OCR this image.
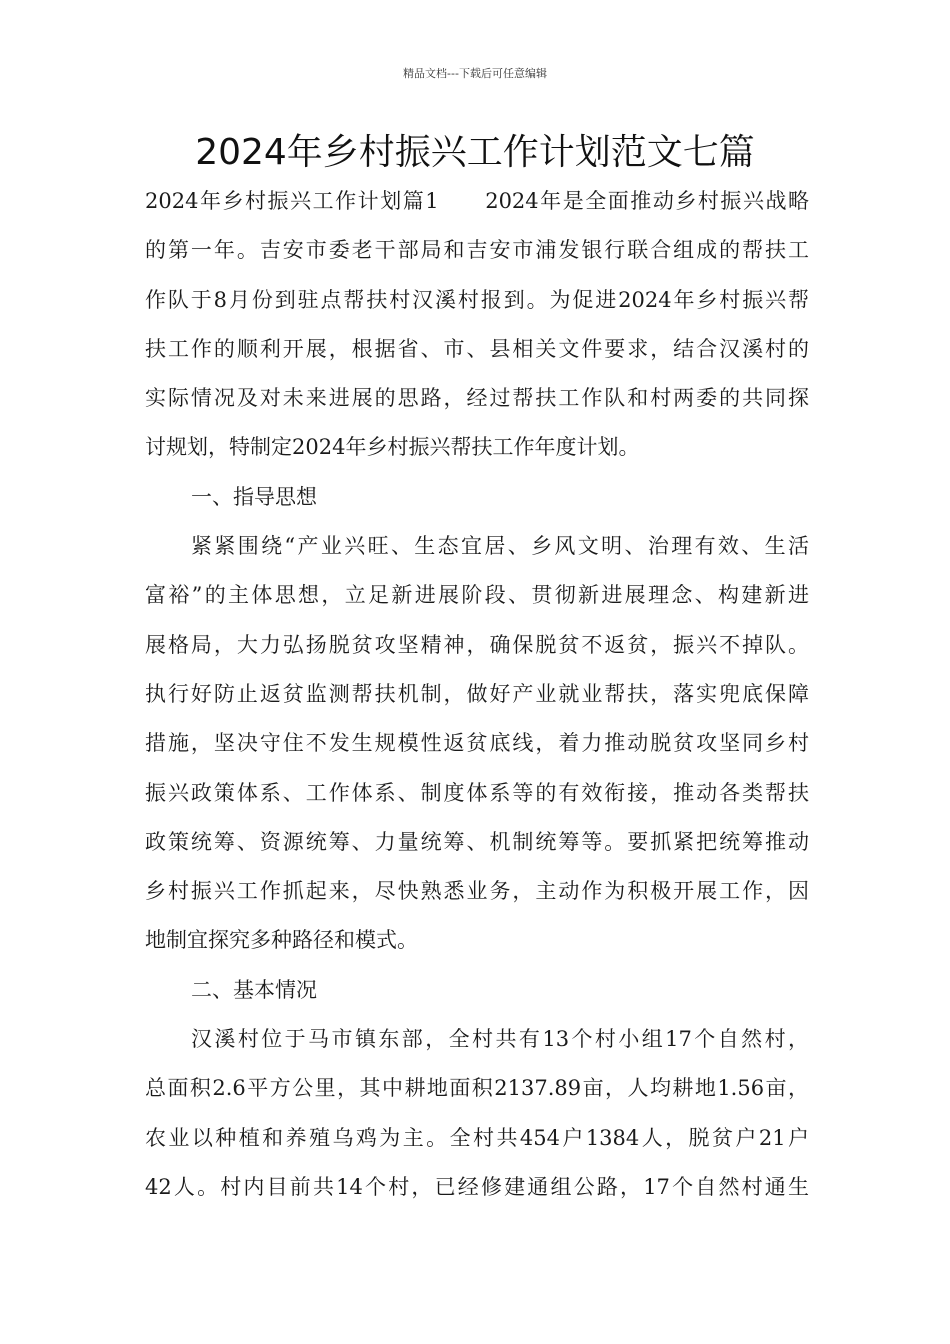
精品文档---下载后可任意编辑
2024年乡村振兴工作计划范文七篇
2024年乡村振兴工作计划篇1　　2024年是全面推动乡村振兴战略
的第一年。吉安市委老干部局和吉安市浦发银行联合组成的帮扶工
作队于8月份到驻点帮扶村汉溪村报到。为促进2024年乡村振兴帮
扶工作的顺利开展，根据省、市、县相关文件要求，结合汉溪村的
实际情况及对未来进展的思路，经过帮扶工作队和村两委的共同探
讨规划，特制定2024年乡村振兴帮扶工作年度计划。
一、指导思想
紧紧围绕“产业兴旺、生态宜居、乡风文明、治理有效、生活
富裕”的主体思想，立足新进展阶段、贯彻新进展理念、构建新进
展格局，大力弘扬脱贫攻坚精神，确保脱贫不返贫，振兴不掉队。
执行好防止返贫监测帮扶机制，做好产业就业帮扶，落实兜底保障
措施，坚决守住不发生规模性返贫底线，着力推动脱贫攻坚同乡村
振兴政策体系、工作体系、制度体系等的有效衔接，推动各类帮扶
政策统筹、资源统筹、力量统筹、机制统筹等。要抓紧把统筹推动
乡村振兴工作抓起来，尽快熟悉业务，主动作为积极开展工作，因
地制宜探究多种路径和模式。
二、基本情况
汉溪村位于马市镇东部，全村共有13个村小组17个自然村，
总面积2.6平方公里，其中耕地面积2137.89亩，人均耕地1.56亩，
农业以种植和养殖乌鸡为主。全村共454户1384人，脱贫户21户
42人。村内目前共14个村，已经修建通组公路，17个自然村通生
